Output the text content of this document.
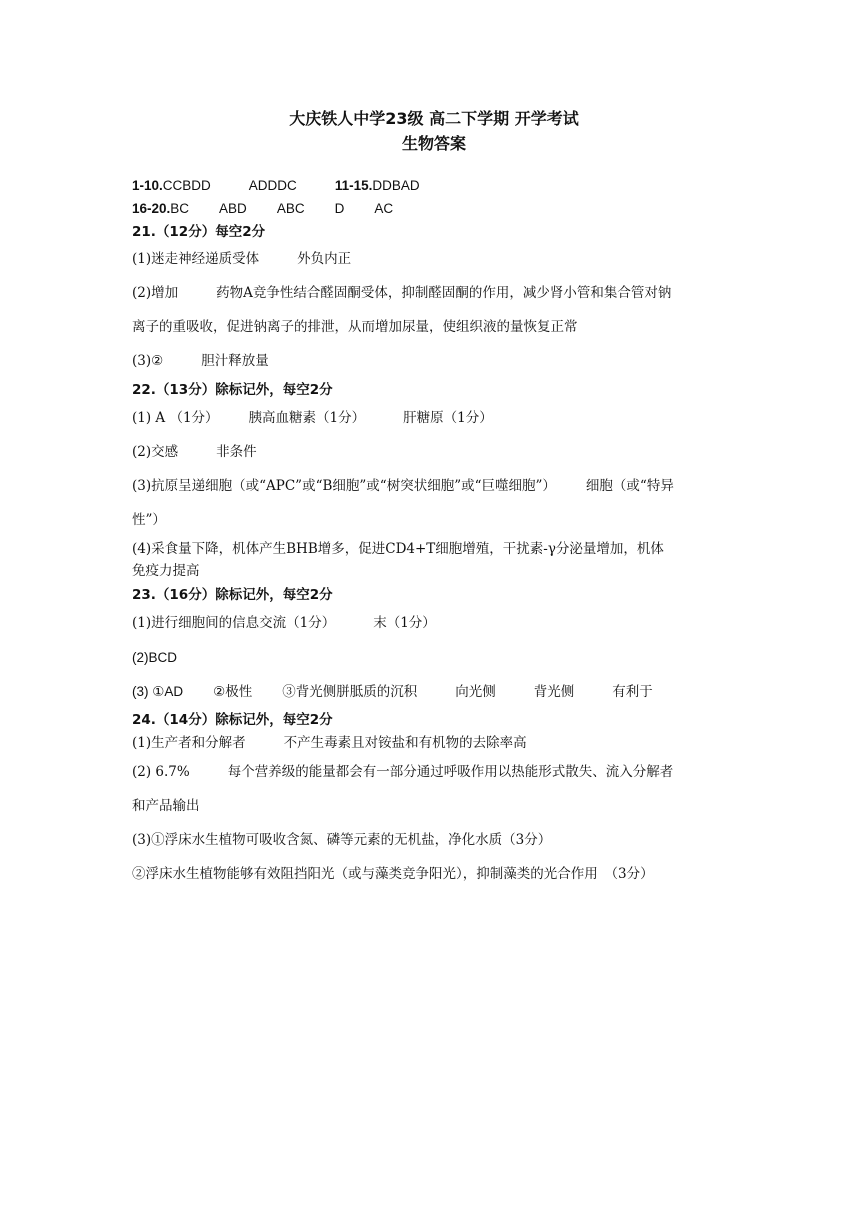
大庆铁人中学23级 高二下学期 开学考试
生物答案
1-10.CCBDD	ADDDC	11-15.DDBAD
16-20.BC ABD ABC D AC
21.（12分）每空2分
(1)迷走神经递质受体	外负内正
(2)增加	药物A竞争性结合醛固酮受体，抑制醛固酮的作用，减少肾小管和集合管对钠
离子的重吸收，促进钠离子的排泄，从而增加尿量，使组织液的量恢复正常
(3)②	胆汁释放量
22.（13分）除标记外，每空2分
(1) A （1分） 胰高血糖素（1分）	肝糖原（1分）
(2)交感	非条件
(3)抗原呈递细胞（或“APC”或“B细胞”或“树突状细胞”或“巨噬细胞”） 细胞（或“特异
性”）
(4)采食量下降，机体产生BHB增多，促进CD4+T细胞增殖，干扰素-γ分泌量增加，机体
免疫力提高
23.（16分）除标记外，每空2分
(1)进行细胞间的信息交流（1分）	末（1分）
(2)BCD
(3) ①AD ②极性 ③背光侧胼胝质的沉积	向光侧	背光侧	有利于
24.（14分）除标记外，每空2分
(1)生产者和分解者	不产生毒素且对铵盐和有机物的去除率高
(2) 6.7%	每个营养级的能量都会有一部分通过呼吸作用以热能形式散失、流入分解者
和产品输出
(3)①浮床水生植物可吸收含氮、磷等元素的无机盐，净化水质（3分）
②浮床水生植物能够有效阻挡阳光（或与藻类竞争阳光），抑制藻类的光合作用　（3分）
